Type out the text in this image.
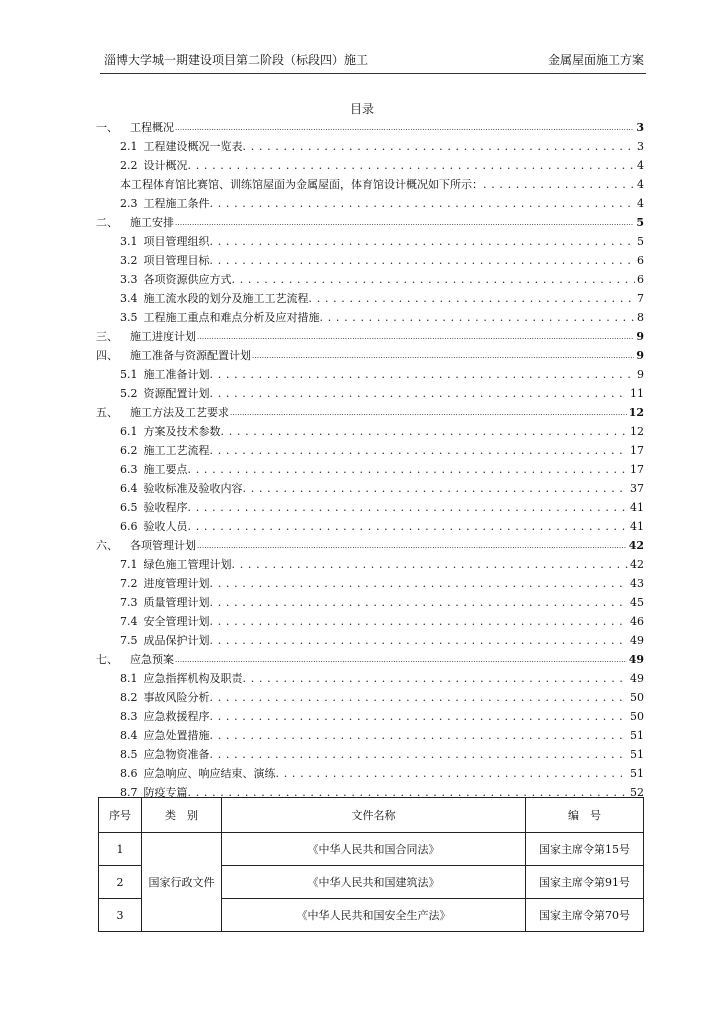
淄博大学城一期建设项目第二阶段（标段四）施工	金属屋面施工方案
目录
一、	工程概况 .....	3
2.1 工程建设概况一览表 . . .	3
2.2 设计概况 . . .	4
本工程体育馆比赛馆、训练馆屋面为金属屋面，体育馆设计概况如下所示： . . .	4
2.3 工程施工条件 . . .	4
二、	施工安排 .....	5
3.1 项目管理组织 . . .	5
3.2 项目管理目标 . . .	6
3.3 各项资源供应方式 . . .	6
3.4 施工流水段的划分及施工工艺流程 . . .	7
3.5 工程施工重点和难点分析及应对措施 . . .	8
三、	施工进度计划 .....	9
四、	施工准备与资源配置计划 .....	9
5.1 施工准备计划 . . .	9
5.2 资源配置计划 . . .	11
五、	施工方法及工艺要求 .....	12
6.1 方案及技术参数 . . .	12
6.2 施工工艺流程 . . .	17
6.3 施工要点 . . .	17
6.4 验收标准及验收内容 . . .	37
6.5 验收程序 . . .	41
6.6 验收人员 . . .	41
六、	各项管理计划 .....	42
7.1 绿色施工管理计划 . . .	42
7.2 进度管理计划 . . .	43
7.3 质量管理计划 . . .	45
7.4 安全管理计划 . . .	46
7.5 成品保护计划 . . .	49
七、	应急预案 .....	49
8.1 应急指挥机构及职责 . . .	49
8.2 事故风险分析 . . .	50
8.3 应急救援程序 . . .	50
8.4 应急处置措施 . . .	51
8.5 应急物资准备 . . .	51
8.6 应急响应、响应结束、演练 . . .	51
8.7 防疫专篇 . . .	52
序号	类　别	文件名称	编　号
1	国家行政文件	《中华人民共和国合同法》	国家主席令第15号
2		《中华人民共和国建筑法》	国家主席令第91号
3		《中华人民共和国安全生产法》	国家主席令第70号
